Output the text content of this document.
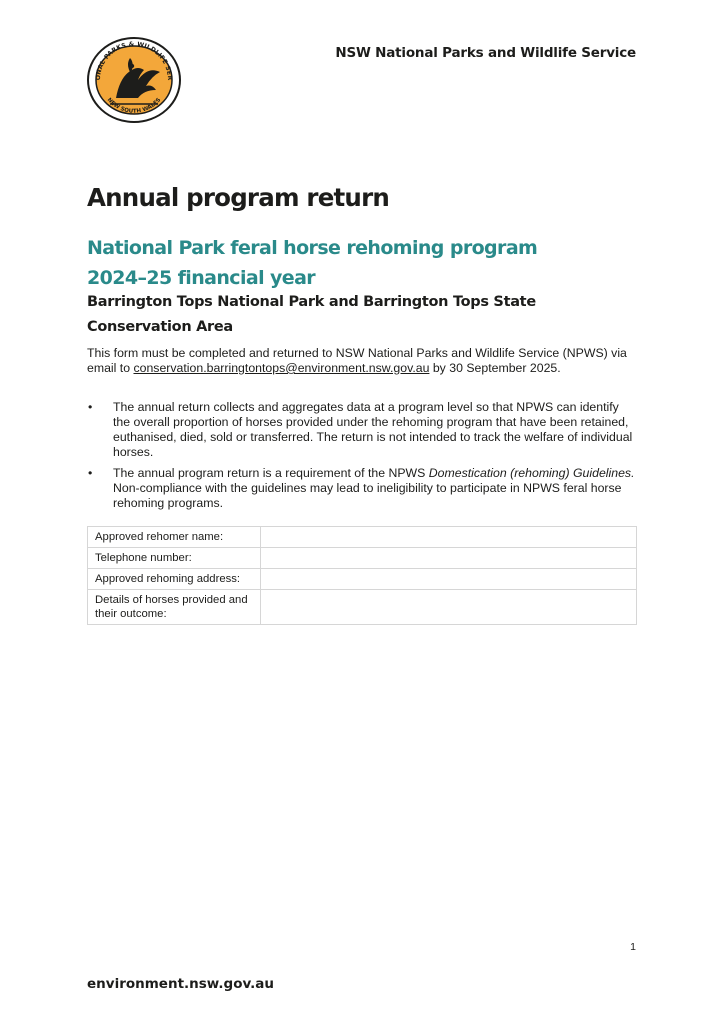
ONAL PARKS & WILDLIFE SER
NEW SOUTH WALES
NSW National Parks and Wildlife Service
Annual program return
National Park feral horse rehoming program
2024–25 financial year
Barrington Tops National Park and Barrington Tops State Conservation Area

This form must be completed and returned to NSW National Parks and Wildlife Service (NPWS) via email to conservation.barringtontops@environment.nsw.gov.au by 30 September 2025.

• The annual return collects and aggregates data at a program level so that NPWS can identify the overall proportion of horses provided under the rehoming program that have been retained, euthanised, died, sold or transferred. The return is not intended to track the welfare of individual horses.
• The annual program return is a requirement of the NPWS Domestication (rehoming) Guidelines. Non-compliance with the guidelines may lead to ineligibility to participate in NPWS feral horse rehoming programs.
Approved rehomer name:	
Telephone number:	
Approved rehoming address:	
Details of horses provided and their outcome:	
1
environment.nsw.gov.au
